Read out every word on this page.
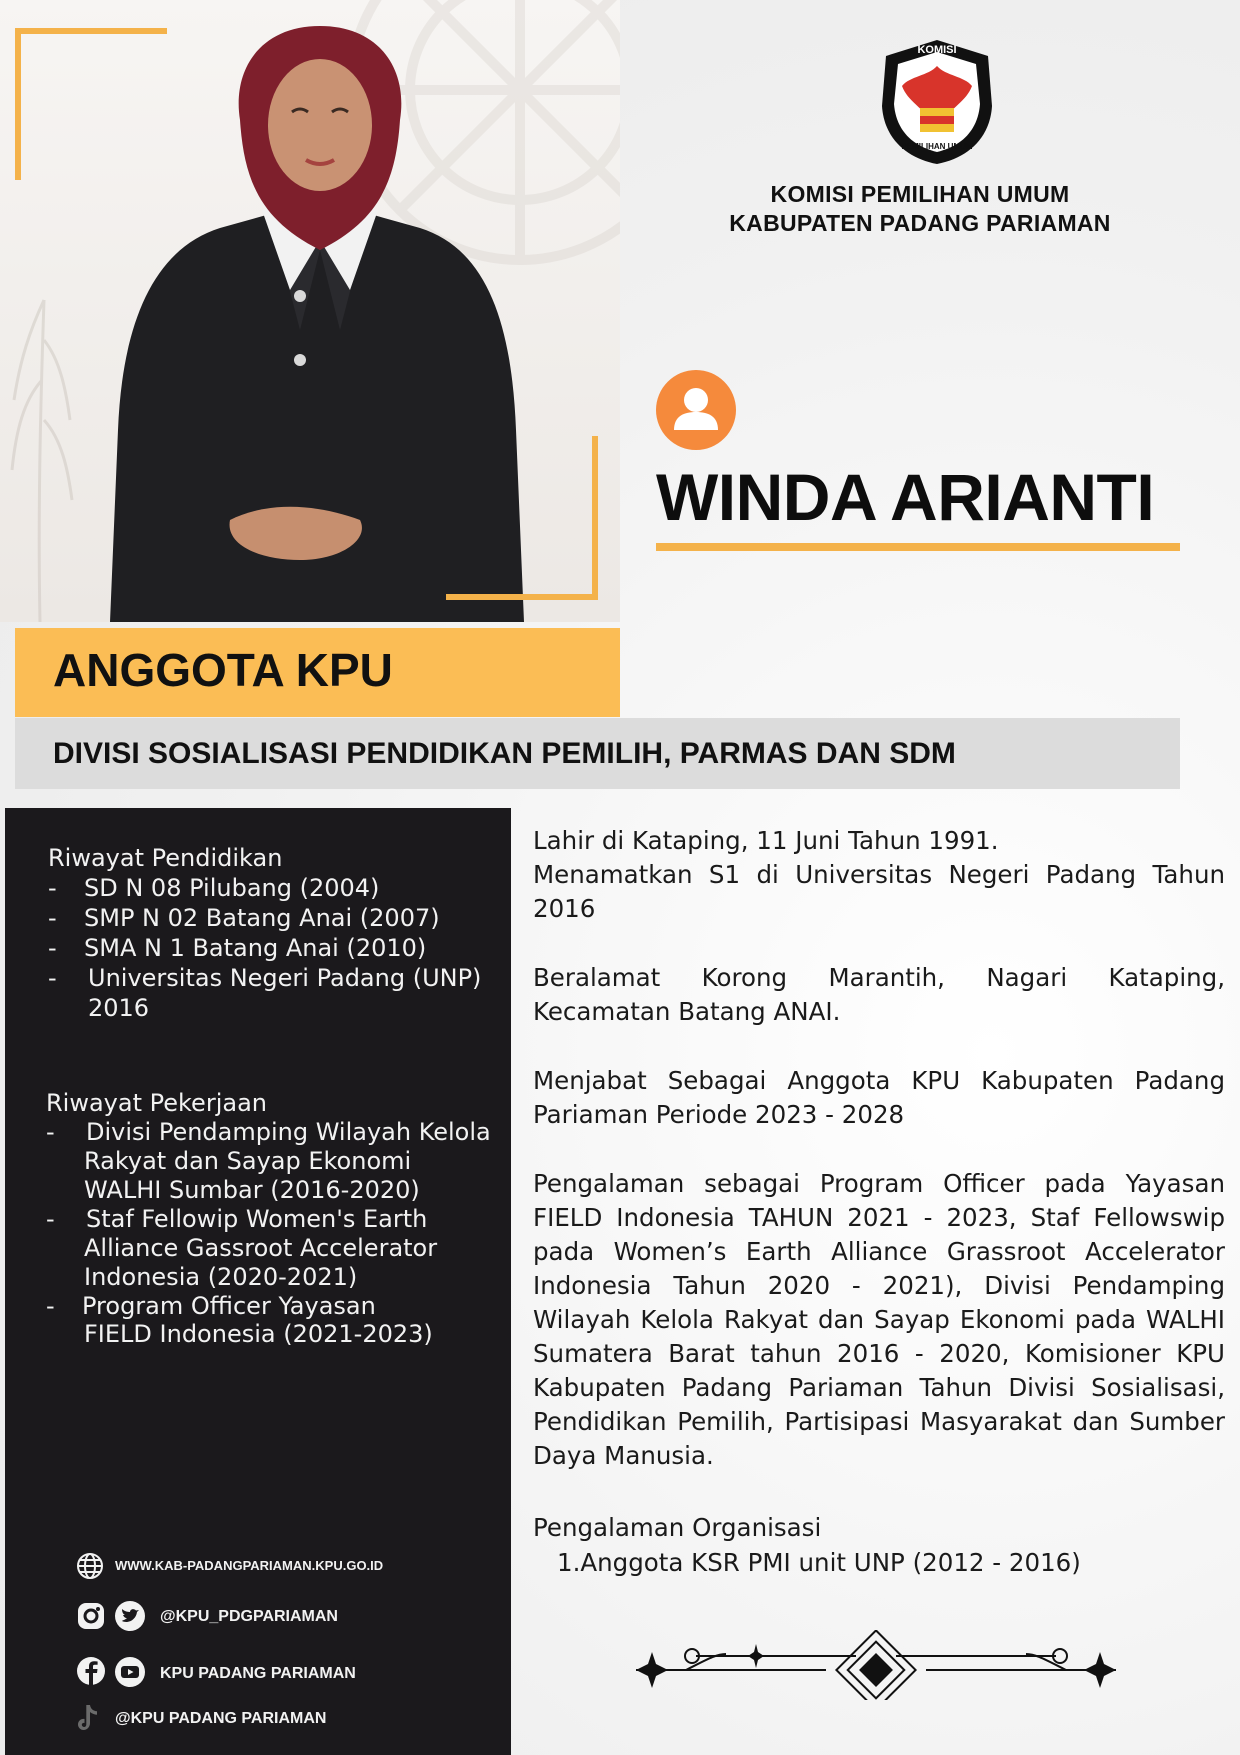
KOMISI
PEMILIHAN UMUM
KOMISI PEMILIHAN UMUM
KABUPATEN PADANG PARIAMAN
WINDA ARIANTI
ANGGOTA KPU
DIVISI SOSIALISASI PENDIDIKAN PEMILIH, PARMAS DAN SDM
Riwayat Pendidikan
-	SD N 08 Pilubang (2004)
-	SMP N 02 Batang Anai (2007)
-	SMA N 1 Batang Anai (2010)
-	Universitas Negeri Padang (UNP)
2016
Riwayat Pekerjaan
-	Divisi Pendamping Wilayah Kelola
Rakyat dan Sayap Ekonomi
WALHI Sumbar (2016-2020)
-	Staf Fellowip Women's Earth
Alliance Gassroot Accelerator
Indonesia (2020-2021)
-	Program Officer Yayasan
FIELD Indonesia (2021-2023)
WWW.KAB-PADANGPARIAMAN.KPU.GO.ID
@KPU_PDGPARIAMAN
KPU PADANG PARIAMAN
@KPU PADANG PARIAMAN
Lahir di Kataping, 11 Juni Tahun 1991.
Menamatkan S1 di Universitas Negeri Padang Tahun 2016
Beralamat Korong Marantih, Nagari Kataping, Kecamatan Batang ANAI.
Menjabat Sebagai Anggota KPU Kabupaten Padang Pariaman Periode 2023 - 2028
Pengalaman sebagai Program Officer pada Yayasan FIELD Indonesia TAHUN 2021 - 2023, Staf Fellowswip pada Women’s Earth Alliance Grassroot Accelerator Indonesia Tahun 2020 - 2021), Divisi Pendamping Wilayah Kelola Rakyat dan Sayap Ekonomi pada WALHI Sumatera Barat tahun 2016 - 2020, Komisioner KPU Kabupaten Padang Pariaman Tahun Divisi Sosialisasi, Pendidikan Pemilih, Partisipasi Masyarakat dan Sumber Daya Manusia.
Pengalaman Organisasi
1.Anggota KSR PMI unit UNP (2012 - 2016)
